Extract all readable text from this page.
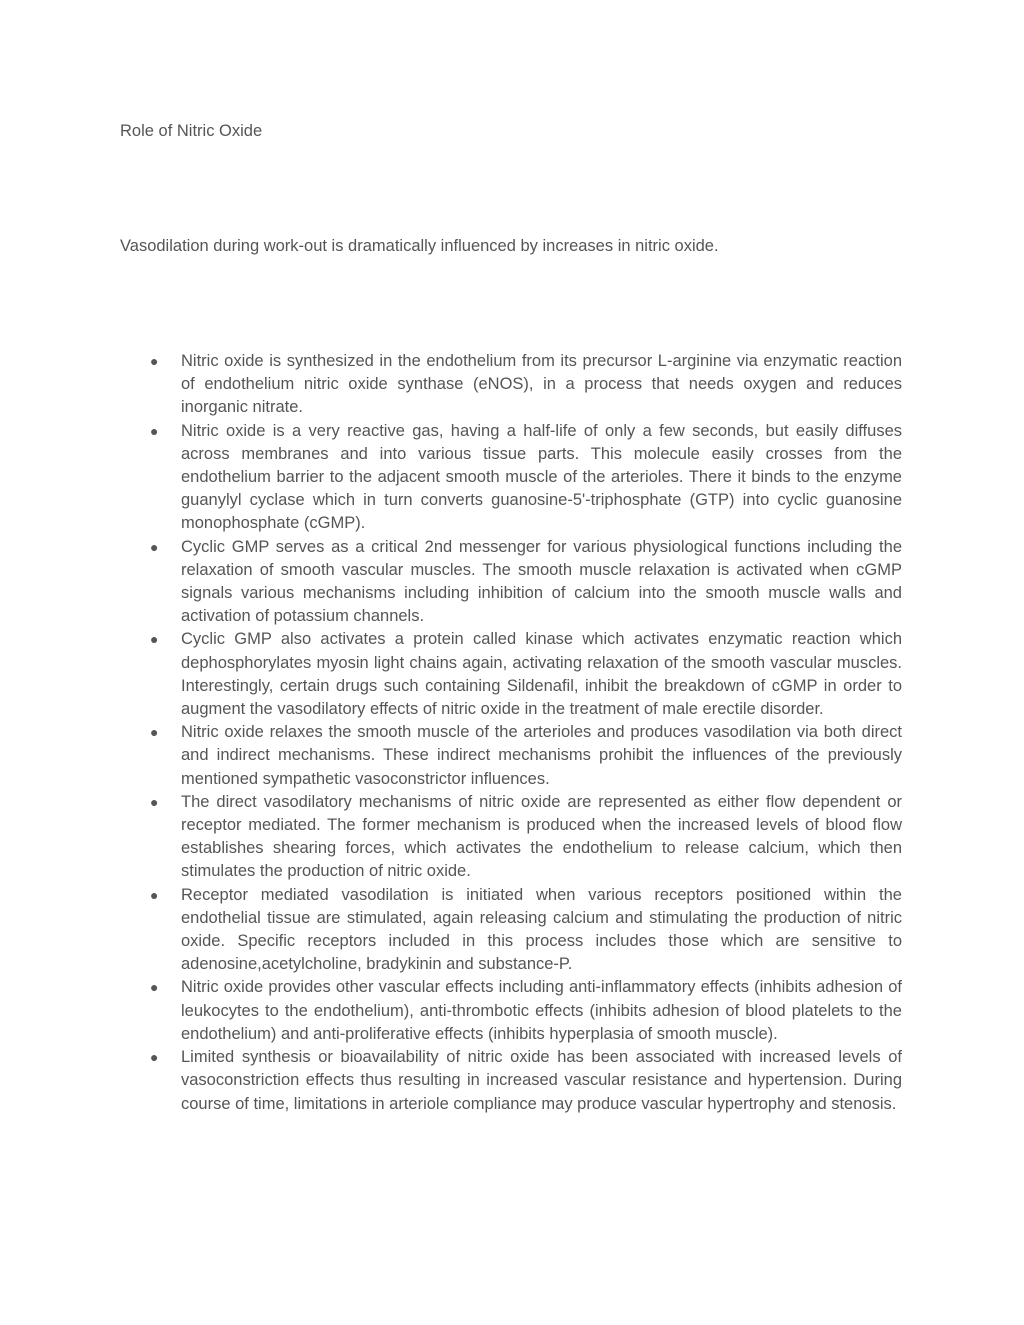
Role of Nitric Oxide

Vasodilation during work-out is dramatically influenced by increases in nitric oxide.

● Nitric oxide is synthesized in the endothelium from its precursor L-arginine via enzymatic reaction of endothelium nitric oxide synthase (eNOS), in a process that needs oxygen and reduces inorganic nitrate.
● Nitric oxide is a very reactive gas, having a half-life of only a few seconds, but easily diffuses across membranes and into various tissue parts. This molecule easily crosses from the endothelium barrier to the adjacent smooth muscle of the arterioles. There it binds to the enzyme guanylyl cyclase which in turn converts guanosine-5'-triphosphate (GTP) into cyclic guanosine monophosphate (cGMP).
● Cyclic GMP serves as a critical 2nd messenger for various physiological functions including the relaxation of smooth vascular muscles. The smooth muscle relaxation is activated when cGMP signals various mechanisms including inhibition of calcium into the smooth muscle walls and activation of potassium channels.
● Cyclic GMP also activates a protein called kinase which activates enzymatic reaction which dephosphorylates myosin light chains again, activating relaxation of the smooth vascular muscles. Interestingly, certain drugs such containing Sildenafil, inhibit the breakdown of cGMP in order to augment the vasodilatory effects of nitric oxide in the treatment of male erectile disorder.
● Nitric oxide relaxes the smooth muscle of the arterioles and produces vasodilation via both direct and indirect mechanisms. These indirect mechanisms prohibit the influences of the previously mentioned sympathetic vasoconstrictor influences.
● The direct vasodilatory mechanisms of nitric oxide are represented as either flow dependent or receptor mediated. The former mechanism is produced when the increased levels of blood flow establishes shearing forces, which activates the endothelium to release calcium, which then stimulates the production of nitric oxide.
● Receptor mediated vasodilation is initiated when various receptors positioned within the endothelial tissue are stimulated, again releasing calcium and stimulating the production of nitric oxide. Specific receptors included in this process includes those which are sensitive to adenosine,acetylcholine, bradykinin and substance-P.
● Nitric oxide provides other vascular effects including anti-inflammatory effects (inhibits adhesion of leukocytes to the endothelium), anti-thrombotic effects (inhibits adhesion of blood platelets to the endothelium) and anti-proliferative effects (inhibits hyperplasia of smooth muscle).
● Limited synthesis or bioavailability of nitric oxide has been associated with increased levels of vasoconstriction effects thus resulting in increased vascular resistance and hypertension. During course of time, limitations in arteriole compliance may produce vascular hypertrophy and stenosis.
